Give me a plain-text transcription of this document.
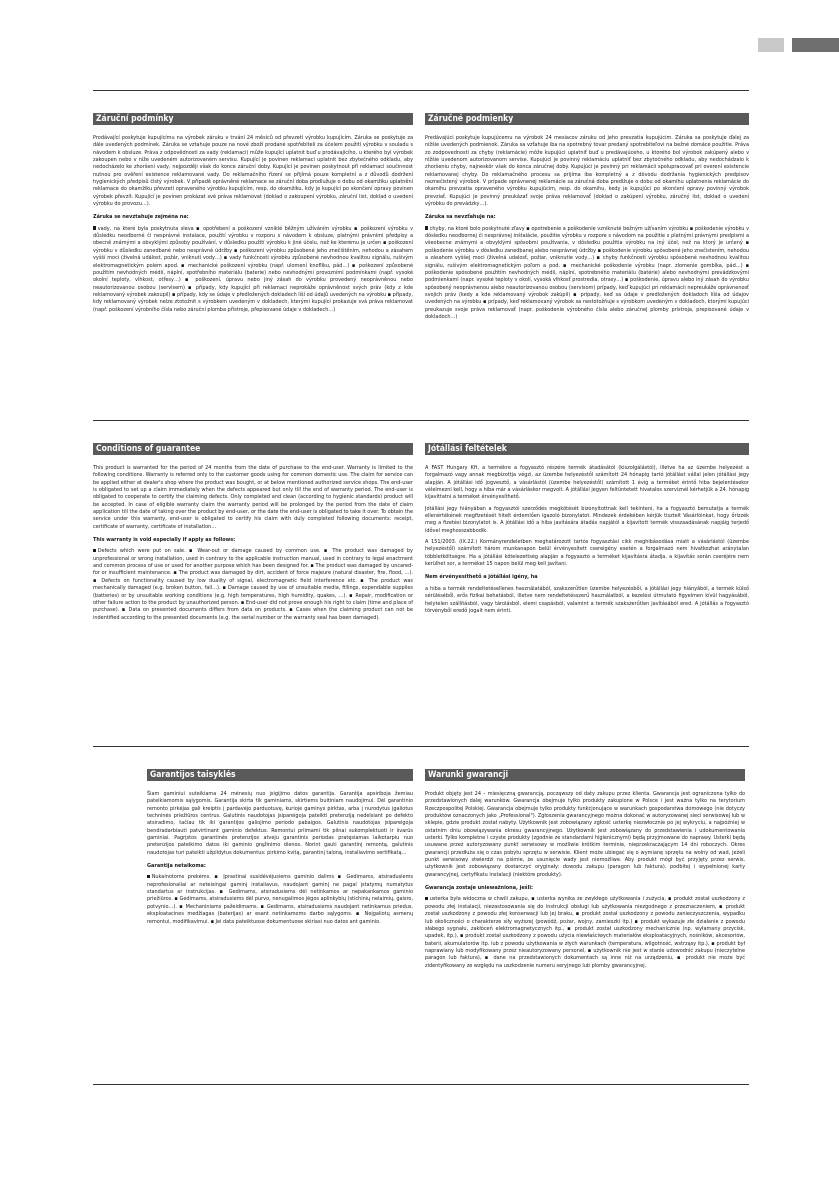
Záruční podmínky

Prodávající poskytuje kupujícímu na výrobek záruku v trvání 24 měsíců od převzetí výrobku kupujícím. Záruka se poskytuje za dále uvedených podmínek. Záruka se vztahuje pouze na nové zboží prodané spotřebiteli za účelem použití výrobku v souladu s návodem k obsluze. Práva z odpovědnosti za vady (reklamaci) může kupující uplatnit buď u prodávajícího, u kterého byl výrobek zakoupen nebo v níže uvedeném autorizovaném servisu. Kupující je povinen reklamaci uplatnit bez zbytečného odkladu, aby nedocházelo ke zhoršení vady, nejpozději však do konce záruční doby. Kupující je povinen poskytnout při reklamaci součinnost nutnou pro ověření existence reklamované vady. Do reklamačního řízení se přijímá pouze kompletní a z důvodů dodržení hygienických předpisů čistý výrobek. V případě oprávněné reklamace se záruční doba prodlužuje o dobu od okamžiku uplatnění reklamace do okamžiku převzetí opraveného výrobku kupujícím, resp. do okamžiku, kdy je kupující po skončení opravy povinen výrobek převzít. Kupující je povinen prokázat své práva reklamovat (doklad o zakoupení výrobku, záruční list, doklad o uvedení výrobku do provozu…).

Záruka se nevztahuje zejména na:

vady, na které byla poskytnuta sleva ▪ opotřebení a poškození vzniklé běžným užíváním výrobku ▪ poškození výrobku v důsledku neodborné či nesprávné instalace, použití výrobku v rozporu s návodem k obsluze, platnými právními předpisy a obecně známými a obvyklými způsoby používání, v důsledku použití výrobku k jiné účelu, než ke kterému je určen ▪ poškození výrobku v důsledku zanedbané nebo nesprávné údržby ▪ poškození výrobku způsobené jeho znečištěním, nehodou a zásahem vyšší moci (živelná událost, požár, vniknutí vody…) ▪ vady funkčnosti výrobku způsobené nevhodnou kvalitou signálu, rušivým elektromagnetickým polem apod. ▪ mechanické poškození výrobku (např. ulomení knoflíku, pád…) ▪ poškození způsobené použitím nevhodných médií, náplní, spotřebního materiálu (baterie) nebo nevhodnými provozními podmínkami (např. vysoké okolní teploty, vlhkost, otřesy…) ▪ poškození, úpravu nebo jiný zásah do výrobku provedený neoprávněnou nebo neautorizovanou osobou (servisem) ▪ případy, kdy kupující při reklamaci neprokáže oprávněnost svých práv (kdy z kde reklamovaný výrobek zakoupil) ▪ případy, kdy se údaje v předložených dokladech liší od údajů uvedených na výrobku ▪ případy, kdy reklamovaný výrobek nelze ztotožnit s výrobkem uvedeným v dokladech, kterými kupující prokazuje svá práva reklamovat (např. poškození výrobního čísla nebo záruční plomba přístroje, přepisované údaje v dokladech…)

Záručné podmienky

Predávajúci poskytuje kupujúcemu na výrobok 24 mesiacov záruku od jeho prevzatia kupujúcim. Záruka sa poskytuje ďalej za nižšie uvedených podmienok. Záruka sa vzťahuje iba na spotrebný tovar predaný spotrebiteľovi na bežné domáce použitie. Práva zo zodpovednosti za chyby (reklamácie) môže kupujúci uplatniť buď u predávajúceho, u ktorého bol výrobok zakúpený alebo v nižšie uvedenom autorizovanom servise. Kupujúci je povinný reklamáciu uplatniť bez zbytočného odkladu, aby nedochádzalo k zhoršeniu chyby, najneskôr však do konca záručnej doby. Kupujúci je povinný pri reklamácii spolupracovať pri overení existencie reklamovanej chyby. Do reklamačného procesu sa prijíma iba kompletný a z dôvodu dodržania hygienických predpisov neznečistený výrobok. V prípade oprávnenej reklamácie sa záručná doba predlžuje o dobu od okamihu uplatnenia reklamácie do okamihu prevzatia opraveného výrobku kupujúcim, resp. do okamihu, kedy je kupujúci po skončení opravy povinný výrobok prevziať. Kupujúci je povinný preukázať svoje práva reklamovať (doklad o zakúpení výrobku, záručný list, doklad o uvedení výrobku do prevádzky…).

Záruka sa nevzťahuje na:

chyby, na ktoré bolo poskytnuté zľavy ▪ opotrebenie a poškodenie vzniknuté bežným užívaním výrobku ▪ poškodenie výrobku v dôsledku neodbornej či nesprávnej inštalácie, použitie výrobku v rozpore s návodom na použitie s platnými právnymi predpismi a všeobecne známymi a obvyklými spôsobmi používania, v dôsledku použitia výrobku na iný účel, než na ktorý je určený ▪ poškodenie výrobku v dôsledku zanedbanej alebo nesprávnej údržby ▪ poškodenie výrobku spôsobené jeho znečistením, nehodou a zásahom vyššej moci (živelná udalosť, požiar, vniknutie vody…) ▪ chyby funkčnosti výrobku spôsobené nevhodnou kvalitou signálu, rušivým elektromagnetickým poľom a pod. ▪ mechanické poškodenie výrobku (napr. zlomenie gombíka, pád…) ▪ poškodenie spôsobené použitím nevhodných médií, náplní, spotrebného materiálu (batérie) alebo nevhodnými prevádzkovými podmienkami (napr. vysoké teploty v okolí, vysoká vlhkosť prostredia, otrasy…) ▪ poškodenie, úpravu alebo iný zásah do výrobku spôsobený neoprávnenou alebo neautorizovanou osobou (servisom) prípady, keď kupujúci pri reklamácii nepreukáže oprávnenosť svojich práv (kedy a kde reklamovaný výrobok zakúpil) ▪ prípady, keď sa údaje v predložených dokladoch líšia od údajov uvedených na výrobku ▪ prípady, keď reklamovaný výrobok sa nestotožňuje s výrobkom uvedeným v dokladoch, ktorými kupujúci preukazuje svoje práva reklamovať (napr. poškodenie výrobného čísla alebo záručnej plomby prístroja, prepisované údaje v dokladoch…)

Conditions of guarantee

This product is warranted for the period of 24 months from the date of purchase to the end-user. Warranty is limited to the following conditions. Warranty is referred only to the customer goods using for common domestic use. The claim for service can be applied either at dealer's shop where the product was bought, or at below mentioned authorized service shops. The end-user is obligated to set up a claim immediately when the defects appeared but only till the end of warranty period. The end-user is obligated to cooperate to certify the claiming defects. Only completed and clean (according to hygienic standards) product will be accepted. In case of eligible warranty claim the warranty period will be prolonged by the period from the date of claim application till the date of taking over the product by end-user, or the date the end-user is obligated to take it over. To obtain the service under this warranty, end-user is obligated to certify his claim with duly completed following documents: receipt, certificate of warranty, certificate of installation…

This warranty is void especially if apply as follows:

Defects which were put on sale. ▪ Wear-out or damage caused by common use. ▪ The product was damaged by unprofessional or wrong installation, used in contrary to the applicable instruction manual, used in contrary to legal enactment and common process of use or used for another purpose which has been designed for. ▪ The product was damaged by uncared-for or insufficient maintenance. ▪ The product was damaged by dirt, accident of force majeure (natural disaster, fire, flood, …). ▪ Defects on functionality caused by low duality of signal, electromagnetic field interference etc. ▪ The product was mechanically damaged (e.g. broken button, fall…). ▪ Damage caused by use of unsuitable media, fillings, expendable supplies (batteries) or by unsuitable working conditions (e.g. high temperatures, high humidity, quakes, …). ▪ Repair, modification or other failure action to the product by unauthorized person. ▪ End-user did not prove enough his right to claim (time and place of purchase). ▪ Data on presented documents differs from data on products. ▪ Cases when the claiming product can not be indentified according to the presented documents (e.g. the serial number or the warranty seal has been damaged).

Jótállási feltételek

A FAST Hungary Kft. a termékre a fogyasztó részére termék átadásától (kiszolgálástól), illetve ha az üzembe helyezést a forgalmazó vagy annak megbízottja végzi, az üzembe helyezéstől számított 24 hónapig tartó jótállást vállal jelen jótállási jegy alapján. A jótállási idő jogvesztő, a vásárlástól (üzembe helyezéstől) számított 1 évig a terméket érintő hiba bejelentésekor vélelmezni kell, hogy a hiba már a vásárláskor megvolt. A jótállási jegyen feltüntetett hivatalos szerviznél kérhetjük a 24. hónapig kijavíttatni a terméket érvényesíthető.

Jótállási jegy hiányában a fogyasztói szerződés megkötését bizonyítottnak kell tekinteni, ha a fogyasztó bemutatja a termék ellenértékének megfizetését hitelt érdemlően igazoló bizonylatot. Mindezek érdekében kérjük tisztelt Vásárlóinkat, hogy őrizzék meg a fizetési bizonylatot is. A jótállási idő a hiba javítására átadás napjától a kijavított termék visszaadásának napjáig terjedő idővel meghosszabbodik.

A 151/2003. (IX.22.) Kormányrendeletben meghatározott tartós fogyasztási cikk meghibásodása miatt a vásárlástól (üzembe helyezéstől) számított három munkanapon belül érvényesített csereigény esetén a forgalmazó nem hivatkozhat aránytalan többletköltségre. Ha a jótállási kötelezettség alapján a fogyasztó a terméket kijavításra átadja, a kijavítás során cseréjére nem kerülhet sor, a terméket 15 napon belül meg kell javítani.

Nem érvényesíthető a jótállási igény, ha

a hiba a termék rendeltetésellenes használatából, szakszerűtlen üzembe helyezésből, a jótállási jegy hiányából, a termék külső sérüléséből, erős fizikai behatásból, illetve nem rendeltetésszerű használatból, a kezelési útmutató figyelmen kívül hagyásából, helytelen szállításból, vagy tárolásból, elemi csapásból, valamint a termék szakszerűtlen javításából ered. A jótállás a fogyasztó törvényből eredő jogait nem érinti.

Garantijos taisyklės

Šiam gaminiui suteikiama 24 mėnesių nuo įsigijimo datos garantija. Garantija apsiriboja žemiau pateikiamomis sąlygomis. Garantija skirta tik gaminiams, skirtiems buitiniam naudojimui. Dėl garantinio remonto pirkėjas gali kreiptis į pardavėjo parduotuvę, kurioje gaminys pirktas, arba į nurodytus įgaliotus techninės priežiūros centrus. Galutinis naudotojas įsipareigoja pateikti pretenziją nedelsiant po defekto atsiradimo, tačiau tik iki garantijos galiojimo periodo pabaigos. Galutinis naudotojas įsipareigoja bendradarbiauti patvirtinant gaminio defektus. Remontui priimami tik pilnai sukomplektuoti ir švarūs gaminiai. Pagrįstos garantinės pretenzijos atveju garantinis periodas pratęsiamas laikotarpiu nuo pretenzijos pateikimo datos iki gaminio grąžinimo dienos. Norint gauti garantinį remontą, galutinis naudotojas turi pateikti užpildytus dokumentus: pirkimo kvitą, garantinį taloną, instaliavimo sertifikatą…

Garantija netaikoma:

Nukainotoms prekėms. ▪ Įprastinai susidėvėjusiems gaminio dalims ▪ Gedimams, atsiradusiems neprofesionaliai ar neteisingai gaminį instaliavus, naudojant gaminį ne pagal įstatymų numatytus standartus ar instrukcijas. ▪ Gedimams, atsiradusiems dėl netinkamos ar nepakankamos gaminio priežiūros. ▪ Gedimams, atsiradusiems dėl purvo, nenugalimos jėgos aplinkybių (stichinių nelaimių, gaisro, potvynio…). ▪ Mechaniniams pažeidimams. ▪ Gedimams, atsiradusiems naudojant netinkamus priedus, eksploatacines medžiagas (baterijas) ar esant netinkamoms darbo sąlygoms. ▪ Neįgaliotų asmenų remontui, modifikavimui. ▪ Jei data pateiktuose dokumentuose skiriasi nuo datos ant gaminio.

Warunki gwarancji

Produkt objęty jest 24 – miesięczną gwarancją, począwszy od daty zakupu przez klienta. Gwarancja jest ograniczona tylko do przedstawionych dalej warunków. Gwarancja obejmuje tylko produkty zakupione w Polsce i jest ważna tylko na terytorium Rzeczpospolitej Polskiej. Gwarancja obejmuje tylko produkty funkcjonujące w warunkach gospodarstwa domowego (nie dotyczy produktów oznaczonych jako „Professional"). Zgłoszenia gwarancyjnego można dokonać w autoryzowanej sieci serwisowej lub w sklepie, gdzie produkt został nabyty. Użytkownik jest zobowiązany zgłosić usterkę niezwłocznie po jej wykryciu, a najpóźniej w ostatnim dniu obowiązywania okresu gwarancyjnego. Użytkownik jest zobowiązany do przedstawienia i udokumentowania usterki. Tylko kompletne i czyste produkty (zgodnie ze standardami higienicznymi) będą przyjmowane do naprawy. Usterki będą usuwane przez autoryzowany punkt serwisowy w możliwie krótkim terminie, nieprzekraczającym 14 dni roboczych. Okres gwarancji przedłuża się o czas pobytu sprzętu w serwisie. Klient może ubiegać się o wymianę sprzętu na wolny od wad, jeżeli punkt serwisowy stwierdzi na piśmie, że usunięcie wady jest niemożliwe. Aby produkt mógł być przyjęty przez serwis, użytkownik jest zobowiązany dostarczyć oryginały: dowodu zakupu (paragon lub faktura), podbitej i wypełnionej karty gwarancyjnej, certyfikatu instalacji (niektóre produkty).

Gwarancja zostaje unieważniona, jeśli:

usterka była widoczna w chwili zakupu, ▪ usterka wynika ze zwykłego użytkowania i zużycia, ▪ produkt został uszkodzony z powodu złej instalacji, niezastosowania się do instrukcji obsługi lub użytkowania niezgodnego z przeznaczeniem, ▪ produkt został uszkodzony z powodu złej konserwacji lub jej braku, ▪ produkt został uszkodzony z powodu zanieczyszczenia, wypadku lub okoliczności o charakterze siły wyższej (powódź, pożar, wojny, zamieszki itp.) ▪ produkt wykazuje złe działanie z powodu słabego sygnału, zakłóceń elektromagnetycznych itp., ▪ produkt został uszkodzony mechanicznie (np. wyłamany przycisk, upadek, itp.), ▪ produkt został uszkodzony z powodu użycia niewłaściwych materiałów eksploatacyjnych, nośników, akcesoriów, baterii, akumulatorów itp. lub z powodu użytkowania w złych warunkach (temperatura, wilgotność, wstrząsy itp.), ▪ produkt był naprawiany lub modyfikowany przez nieautoryzowany personel, ▪ użytkownik nie jest w stanie udowodnić zakupu (nieczytelne paragon lub faktura), ▪ dane na przedstawionych dokumentach są inne niż na urządzeniu, ▪ produkt nie może być zidentyfikowany ze względu na uszkodzenie numeru seryjnego lub plomby gwarancyjnej.
